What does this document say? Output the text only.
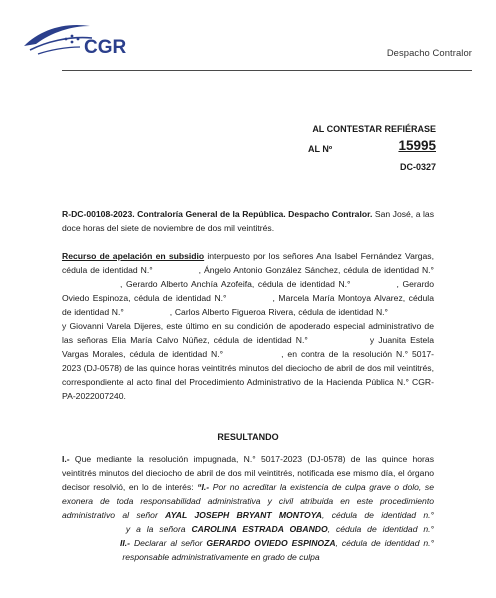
CGR	Despacho Contralor
AL CONTESTAR REFIÉRASE
AL Nº	15995
DC-0327

R-DC-00108-2023. Contraloría General de la República. Despacho Contralor. San José, a las doce horas del siete de noviembre de dos mil veintitrés.

Recurso de apelación en subsidio interpuesto por los señores Ana Isabel Fernández Vargas, cédula de identidad N.°	, Ángelo Antonio González Sánchez, cédula de identidad N.°, Gerardo Alberto Anchía Azofeifa, cédula de identidad N.°	, Gerardo Oviedo Espinoza, cédula de identidad N.°	, Marcela María Montoya Alvarez, cédula de identidad N.°	, Carlos Alberto Figueroa Rivera, cédula de identidad N.° y Giovanni Varela Dijeres, este último en su condición de apoderado especial administrativo de las señoras Elia María Calvo Núñez, cédula de identidad N.°	y Juanita Estela Vargas Morales, cédula de identidad N.°	, en contra de la resolución N.° 5017-2023 (DJ-0578) de las quince horas veintitrés minutos del dieciocho de abril de dos mil veintitrés, correspondiente al acto final del Procedimiento Administrativo de la Hacienda Pública N.° CGR-PA-2022007240.

RESULTANDO

I.- Que mediante la resolución impugnada, N.° 5017-2023 (DJ-0578) de las quince horas veintitrés minutos del dieciocho de abril de dos mil veintitrés, notificada ese mismo día, el órgano decisor resolvió, en lo de interés: “I.- Por no acreditar la existencia de culpa grave o dolo, se exonera de toda responsabilidad administrativa y civil atribuida en este procedimiento administrativo al señor AYAL JOSEPH BRYANT MONTOYA, cédula de identidad n.° y a la señora CAROLINA ESTRADA OBANDO, cédula de identidad n.°II.- Declarar al señor GERARDO OVIEDO ESPINOZA, cédula de identidad n.° responsable administrativamente en grado de culpa
